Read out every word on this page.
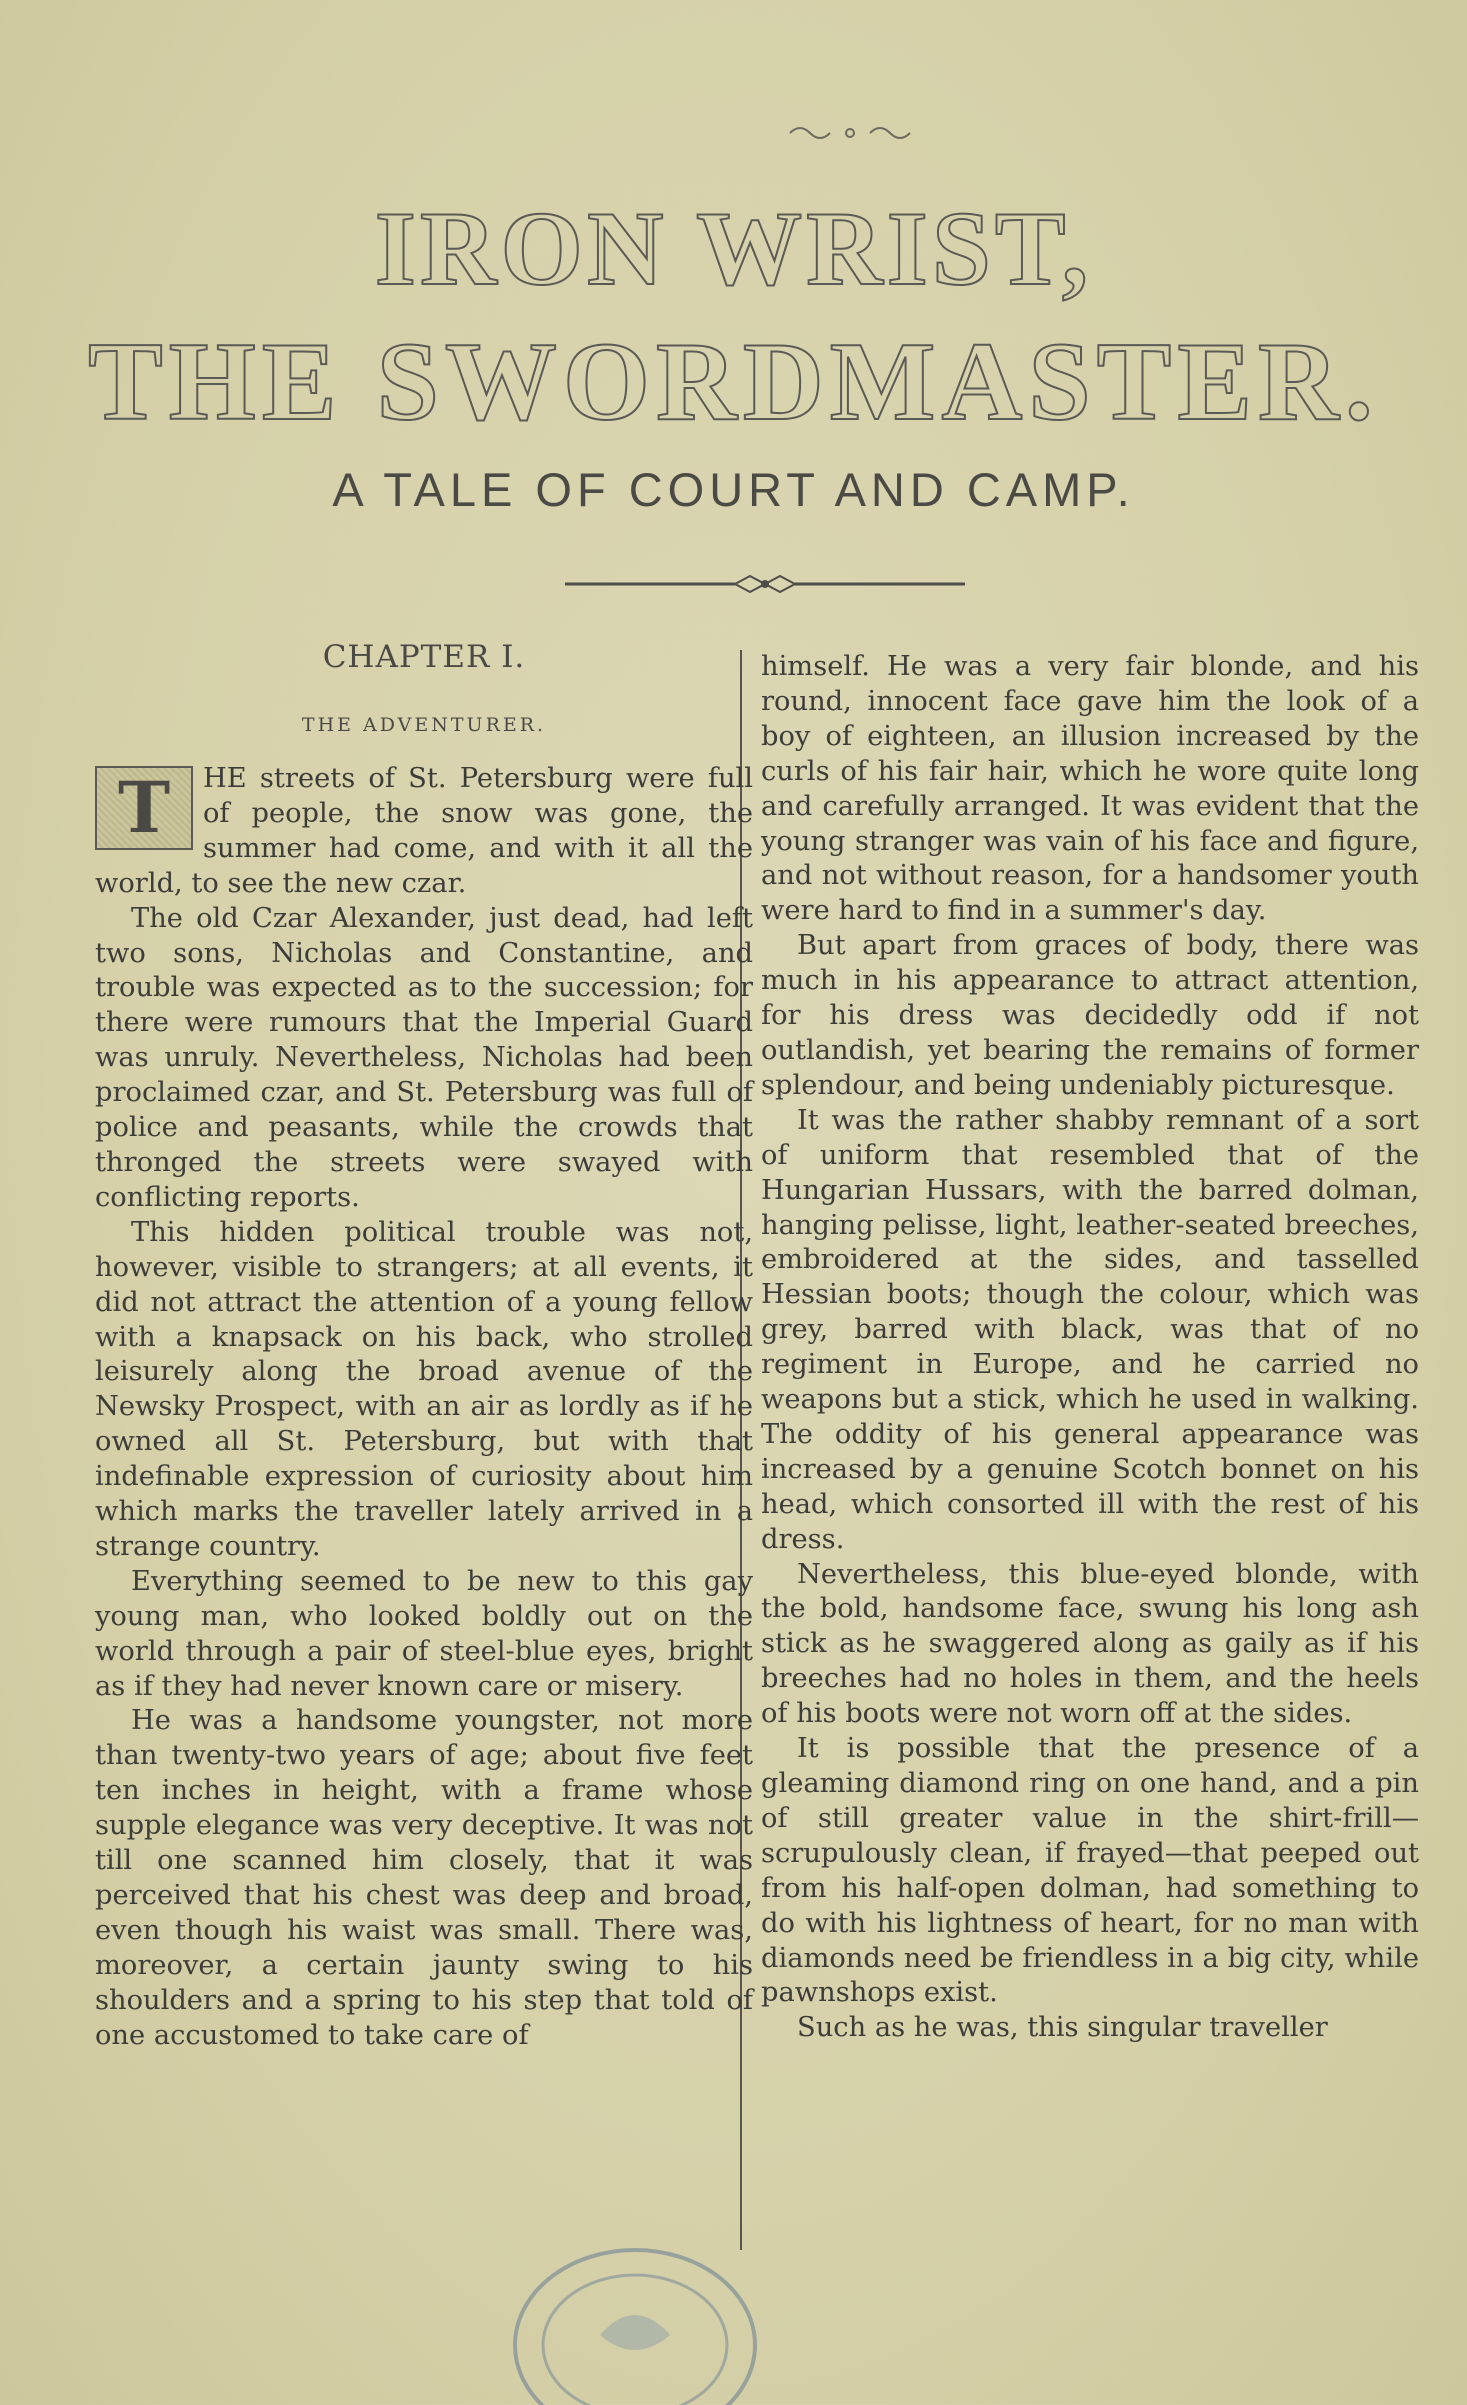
IRON WRIST,
THE SWORDMASTER.
A TALE OF COURT AND CAMP.
CHAPTER I.
THE ADVENTURER.

T	HE streets of St. Petersburg were full of people, the snow was gone, the summer had come, and with it all the world, to see the new czar.

The old Czar Alexander, just dead, had left two sons, Nicholas and Constantine, and trouble was expected as to the succession; for there were rumours that the Imperial Guard was unruly. Nevertheless, Nicholas had been proclaimed czar, and St. Petersburg was full of police and peasants, while the crowds that thronged the streets were swayed with conflicting reports.

This hidden political trouble was not, however, visible to strangers; at all events, it did not attract the attention of a young fellow with a knapsack on his back, who strolled leisurely along the broad avenue of the Newsky Prospect, with an air as lordly as if he owned all St. Petersburg, but with that indefinable expression of curiosity about him which marks the traveller lately arrived in a strange country.

Everything seemed to be new to this gay young man, who looked boldly out on the world through a pair of steel-blue eyes, bright as if they had never known care or misery.

He was a handsome youngster, not more than twenty-two years of age; about five feet ten inches in height, with a frame whose supple elegance was very deceptive. It was not till one scanned him closely, that it was perceived that his chest was deep and broad, even though his waist was small. There was, moreover, a certain jaunty swing to his shoulders and a spring to his step that told of one accustomed to take care of

himself. He was a very fair blonde, and his round, innocent face gave him the look of a boy of eighteen, an illusion increased by the curls of his fair hair, which he wore quite long and carefully arranged. It was evident that the young stranger was vain of his face and figure, and not without reason, for a handsomer youth were hard to find in a summer's day.

But apart from graces of body, there was much in his appearance to attract attention, for his dress was decidedly odd if not outlandish, yet bearing the remains of former splendour, and being undeniably picturesque.

It was the rather shabby remnant of a sort of uniform that resembled that of the Hungarian Hussars, with the barred dolman, hanging pelisse, light, leather-seated breeches, embroidered at the sides, and tasselled Hessian boots; though the colour, which was grey, barred with black, was that of no regiment in Europe, and he carried no weapons but a stick, which he used in walking. The oddity of his general appearance was increased by a genuine Scotch bonnet on his head, which consorted ill with the rest of his dress.

Nevertheless, this blue-eyed blonde, with the bold, handsome face, swung his long ash stick as he swaggered along as gaily as if his breeches had no holes in them, and the heels of his boots were not worn off at the sides.

It is possible that the presence of a gleaming diamond ring on one hand, and a pin of still greater value in the shirt-frill—scrupulously clean, if frayed—that peeped out from his half-open dolman, had something to do with his lightness of heart, for no man with diamonds need be friendless in a big city, while pawnshops exist.

Such as he was, this singular traveller
